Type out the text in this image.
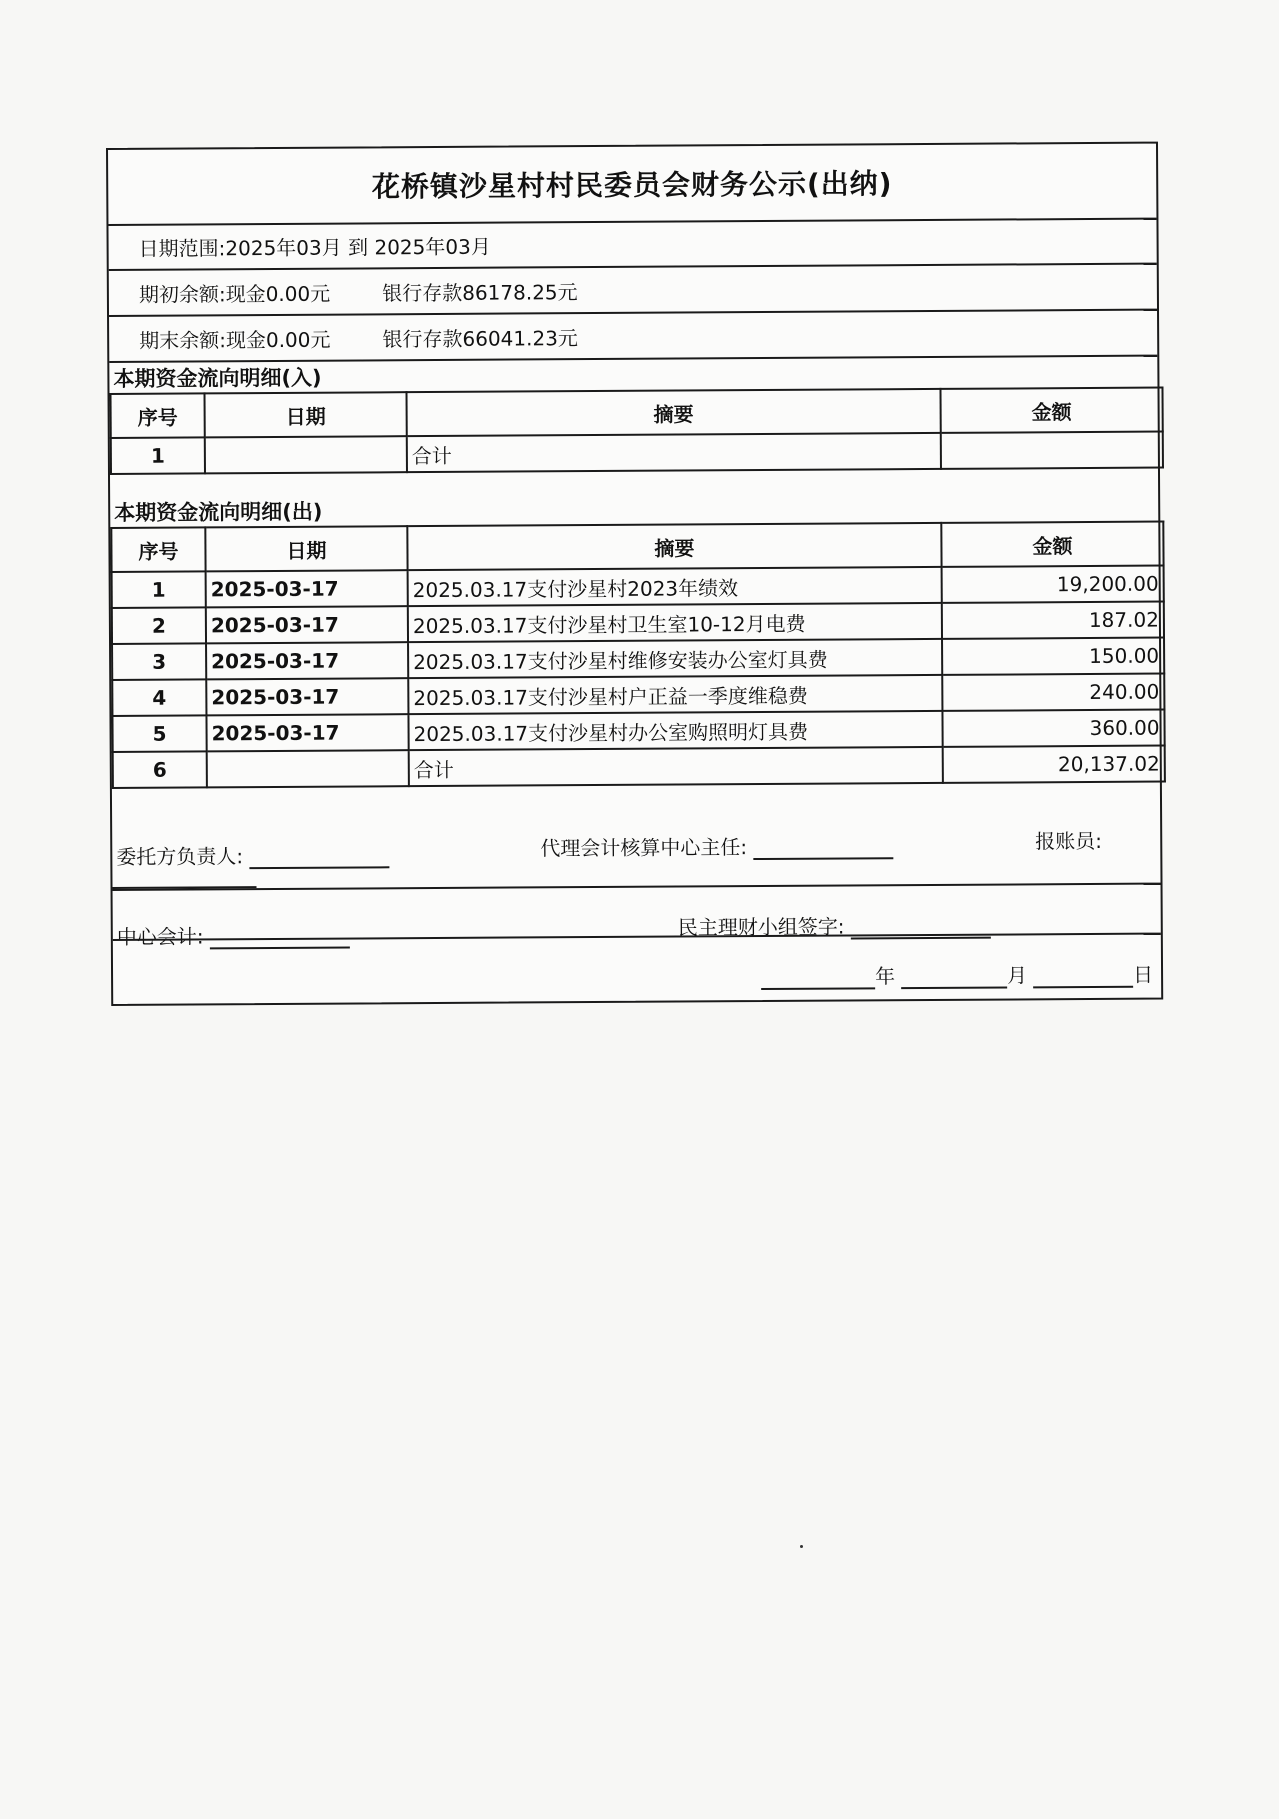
花桥镇沙星村村民委员会财务公示(出纳)
日期范围: 2025年03月 到 2025年03月
期初余额: 现金0.00元	银行存款86178.25元
期末余额: 现金0.00元	银行存款66041.23元
本期资金流向明细(入)
序号	日期	摘要	金额
1		合计	
本期资金流向明细(出)
序号	日期	摘要	金额
1	2025-03-17	2025.03.17支付沙星村2023年绩效	19,200.00
2	2025-03-17	2025.03.17支付沙星村卫生室10-12月电费	187.02
3	2025-03-17	2025.03.17支付沙星村维修安装办公室灯具费	150.00
4	2025-03-17	2025.03.17支付沙星村户正益一季度维稳费	240.00
5	2025-03-17	2025.03.17支付沙星村办公室购照明灯具费	360.00
6		合计	20,137.02
委托方负责人:	代理会计核算中心主任:	报账员:
中心会计:	民主理财小组签字:
年	月	日
